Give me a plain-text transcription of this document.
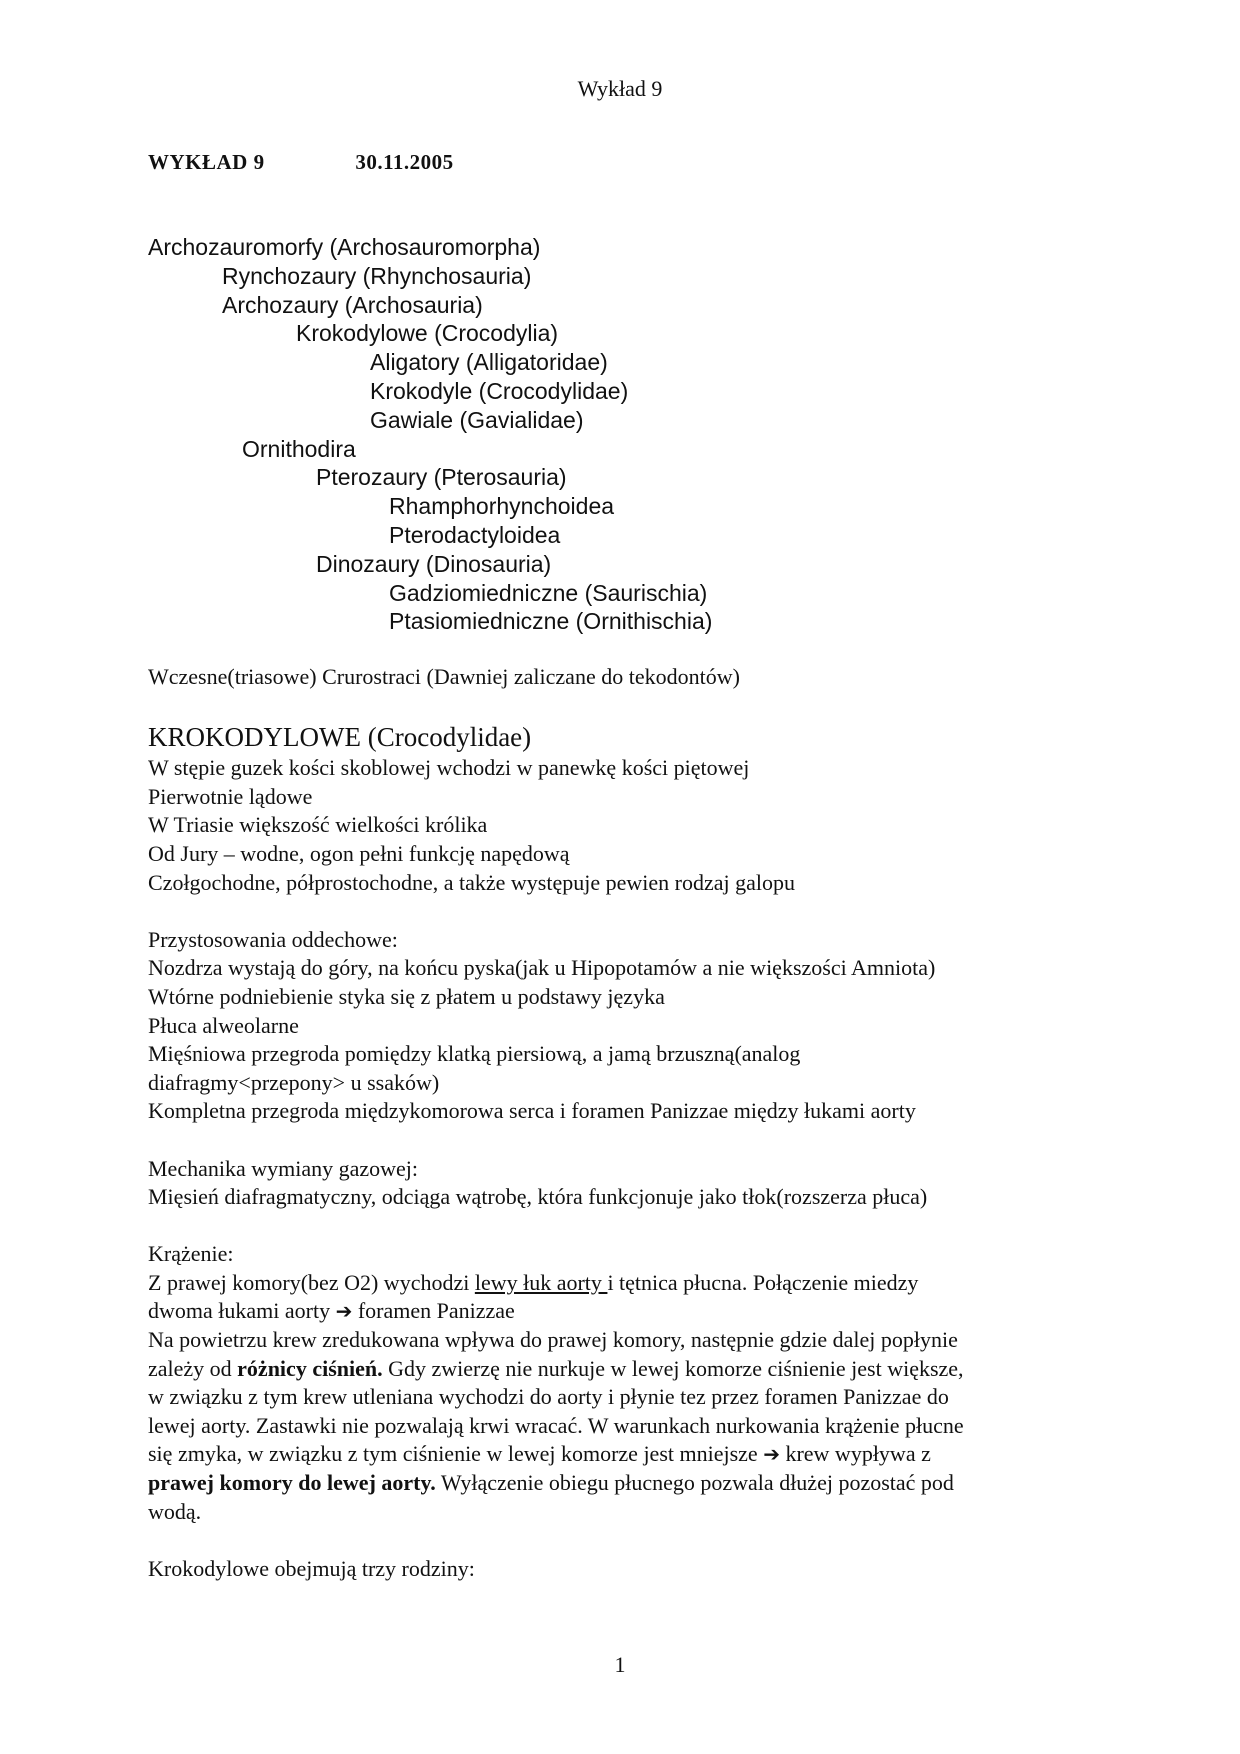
Wykład 9
WYKŁAD 9	30.11.2005
Archozauromorfy (Archosauromorpha)
Rynchozaury (Rhynchosauria)
Archozaury (Archosauria)
Krokodylowe (Crocodylia)
Aligatory (Alligatoridae)
Krokodyle (Crocodylidae)
Gawiale (Gavialidae)
Ornithodira
Pterozaury (Pterosauria)
Rhamphorhynchoidea
Pterodactyloidea
Dinozaury (Dinosauria)
Gadziomiedniczne (Saurischia)
Ptasiomiedniczne (Ornithischia)

Wczesne(triasowe) Crurostraci (Dawniej zaliczane do tekodontów)

KROKODYLOWE (Crocodylidae)

W stępie guzek kości skoblowej wchodzi w panewkę kości piętowej

Pierwotnie lądowe

W Triasie większość wielkości królika

Od Jury – wodne, ogon pełni funkcję napędową

Czołgochodne, półprostochodne, a także występuje pewien rodzaj galopu

Przystosowania oddechowe:

Nozdrza wystają do góry, na końcu pyska(jak u Hipopotamów a nie większości Amniota)

Wtórne podniebienie styka się z płatem u podstawy języka

Płuca alweolarne

Mięśniowa przegroda pomiędzy klatką piersiową, a jamą brzuszną(analog

diafragmy<przepony> u ssaków)

Kompletna przegroda międzykomorowa serca i foramen Panizzae między łukami aorty

Mechanika wymiany gazowej:

Mięsień diafragmatyczny, odciąga wątrobę, która funkcjonuje jako tłok(rozszerza płuca)

Krążenie:

Z prawej komory(bez O2) wychodzi lewy łuk aorty i tętnica płucna. Połączenie miedzy

dwoma łukami aorty ➔ foramen Panizzae

Na powietrzu krew zredukowana wpływa do prawej komory, następnie gdzie dalej popłynie

zależy od różnicy ciśnień. Gdy zwierzę nie nurkuje w lewej komorze ciśnienie jest większe,

w związku z tym krew utleniana wychodzi do aorty i płynie tez przez foramen Panizzae do

lewej aorty. Zastawki nie pozwalają krwi wracać. W warunkach nurkowania krążenie płucne

się zmyka, w związku z tym ciśnienie w lewej komorze jest mniejsze ➔ krew wypływa z

prawej komory do lewej aorty. Wyłączenie obiegu płucnego pozwala dłużej pozostać pod

wodą.

Krokodylowe obejmują trzy rodziny:

1
